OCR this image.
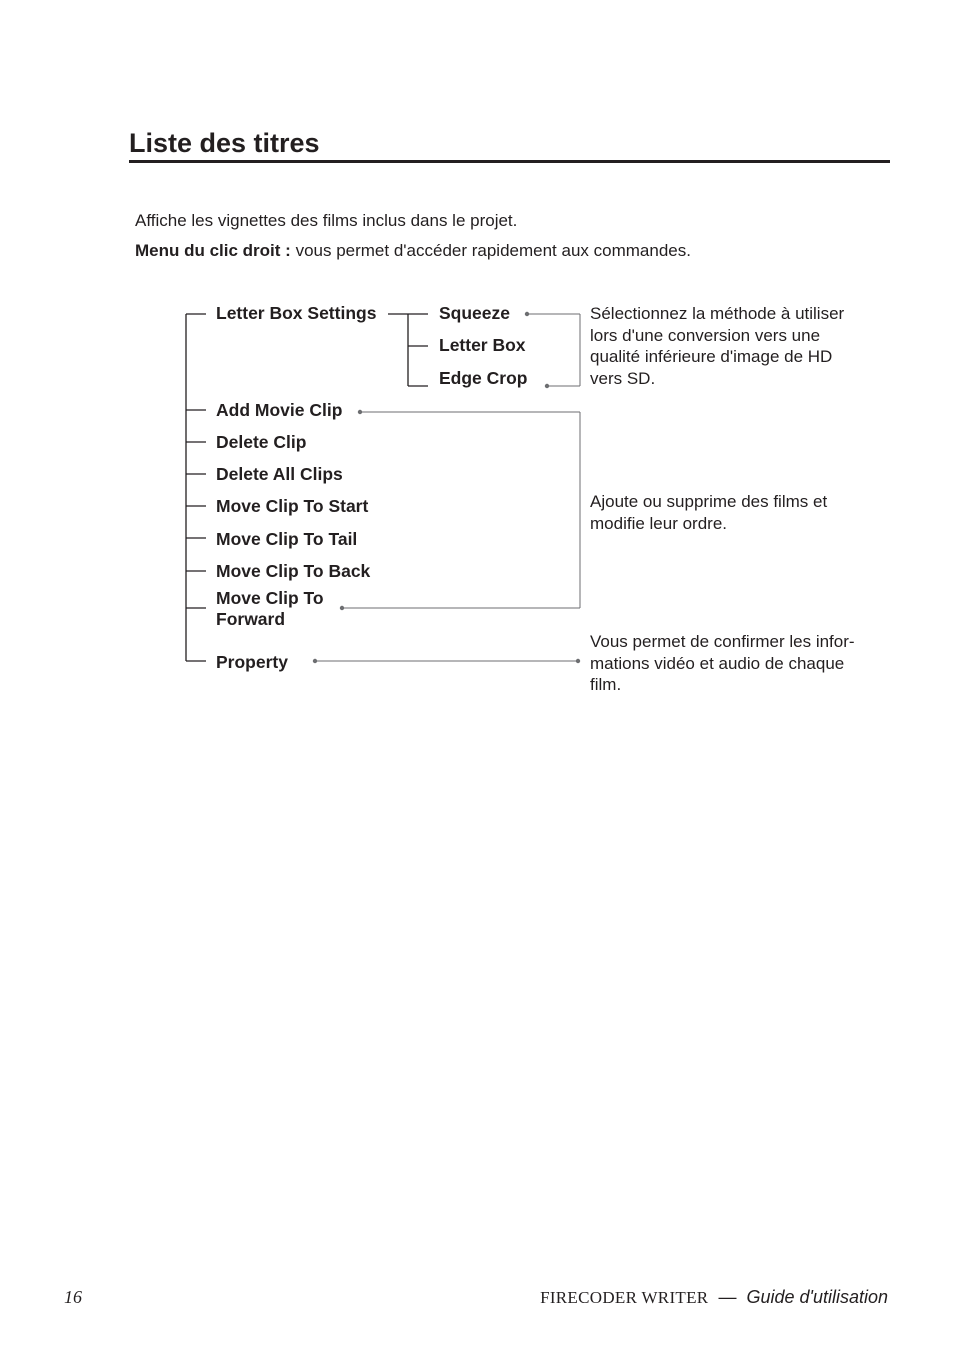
Liste des titres
Affiche les vignettes des films inclus dans le projet.
Menu du clic droit : vous permet d'accéder rapidement aux commandes.
Letter Box Settings	Squeeze
Letter Box
Edge Crop
Add Movie Clip
Delete Clip
Delete All Clips
Move Clip To Start
Move Clip To Tail
Move Clip To Back
Move Clip To
Forward
Property
Sélectionnez la méthode à utiliser
lors d'une conversion vers une
qualité inférieure d'image de HD
vers SD.
Ajoute ou supprime des films et
modifie leur ordre.
Vous permet de confirmer les infor-
mations vidéo et audio de chaque
film.
16	FIRECODER WRITER  —  Guide d'utilisation
